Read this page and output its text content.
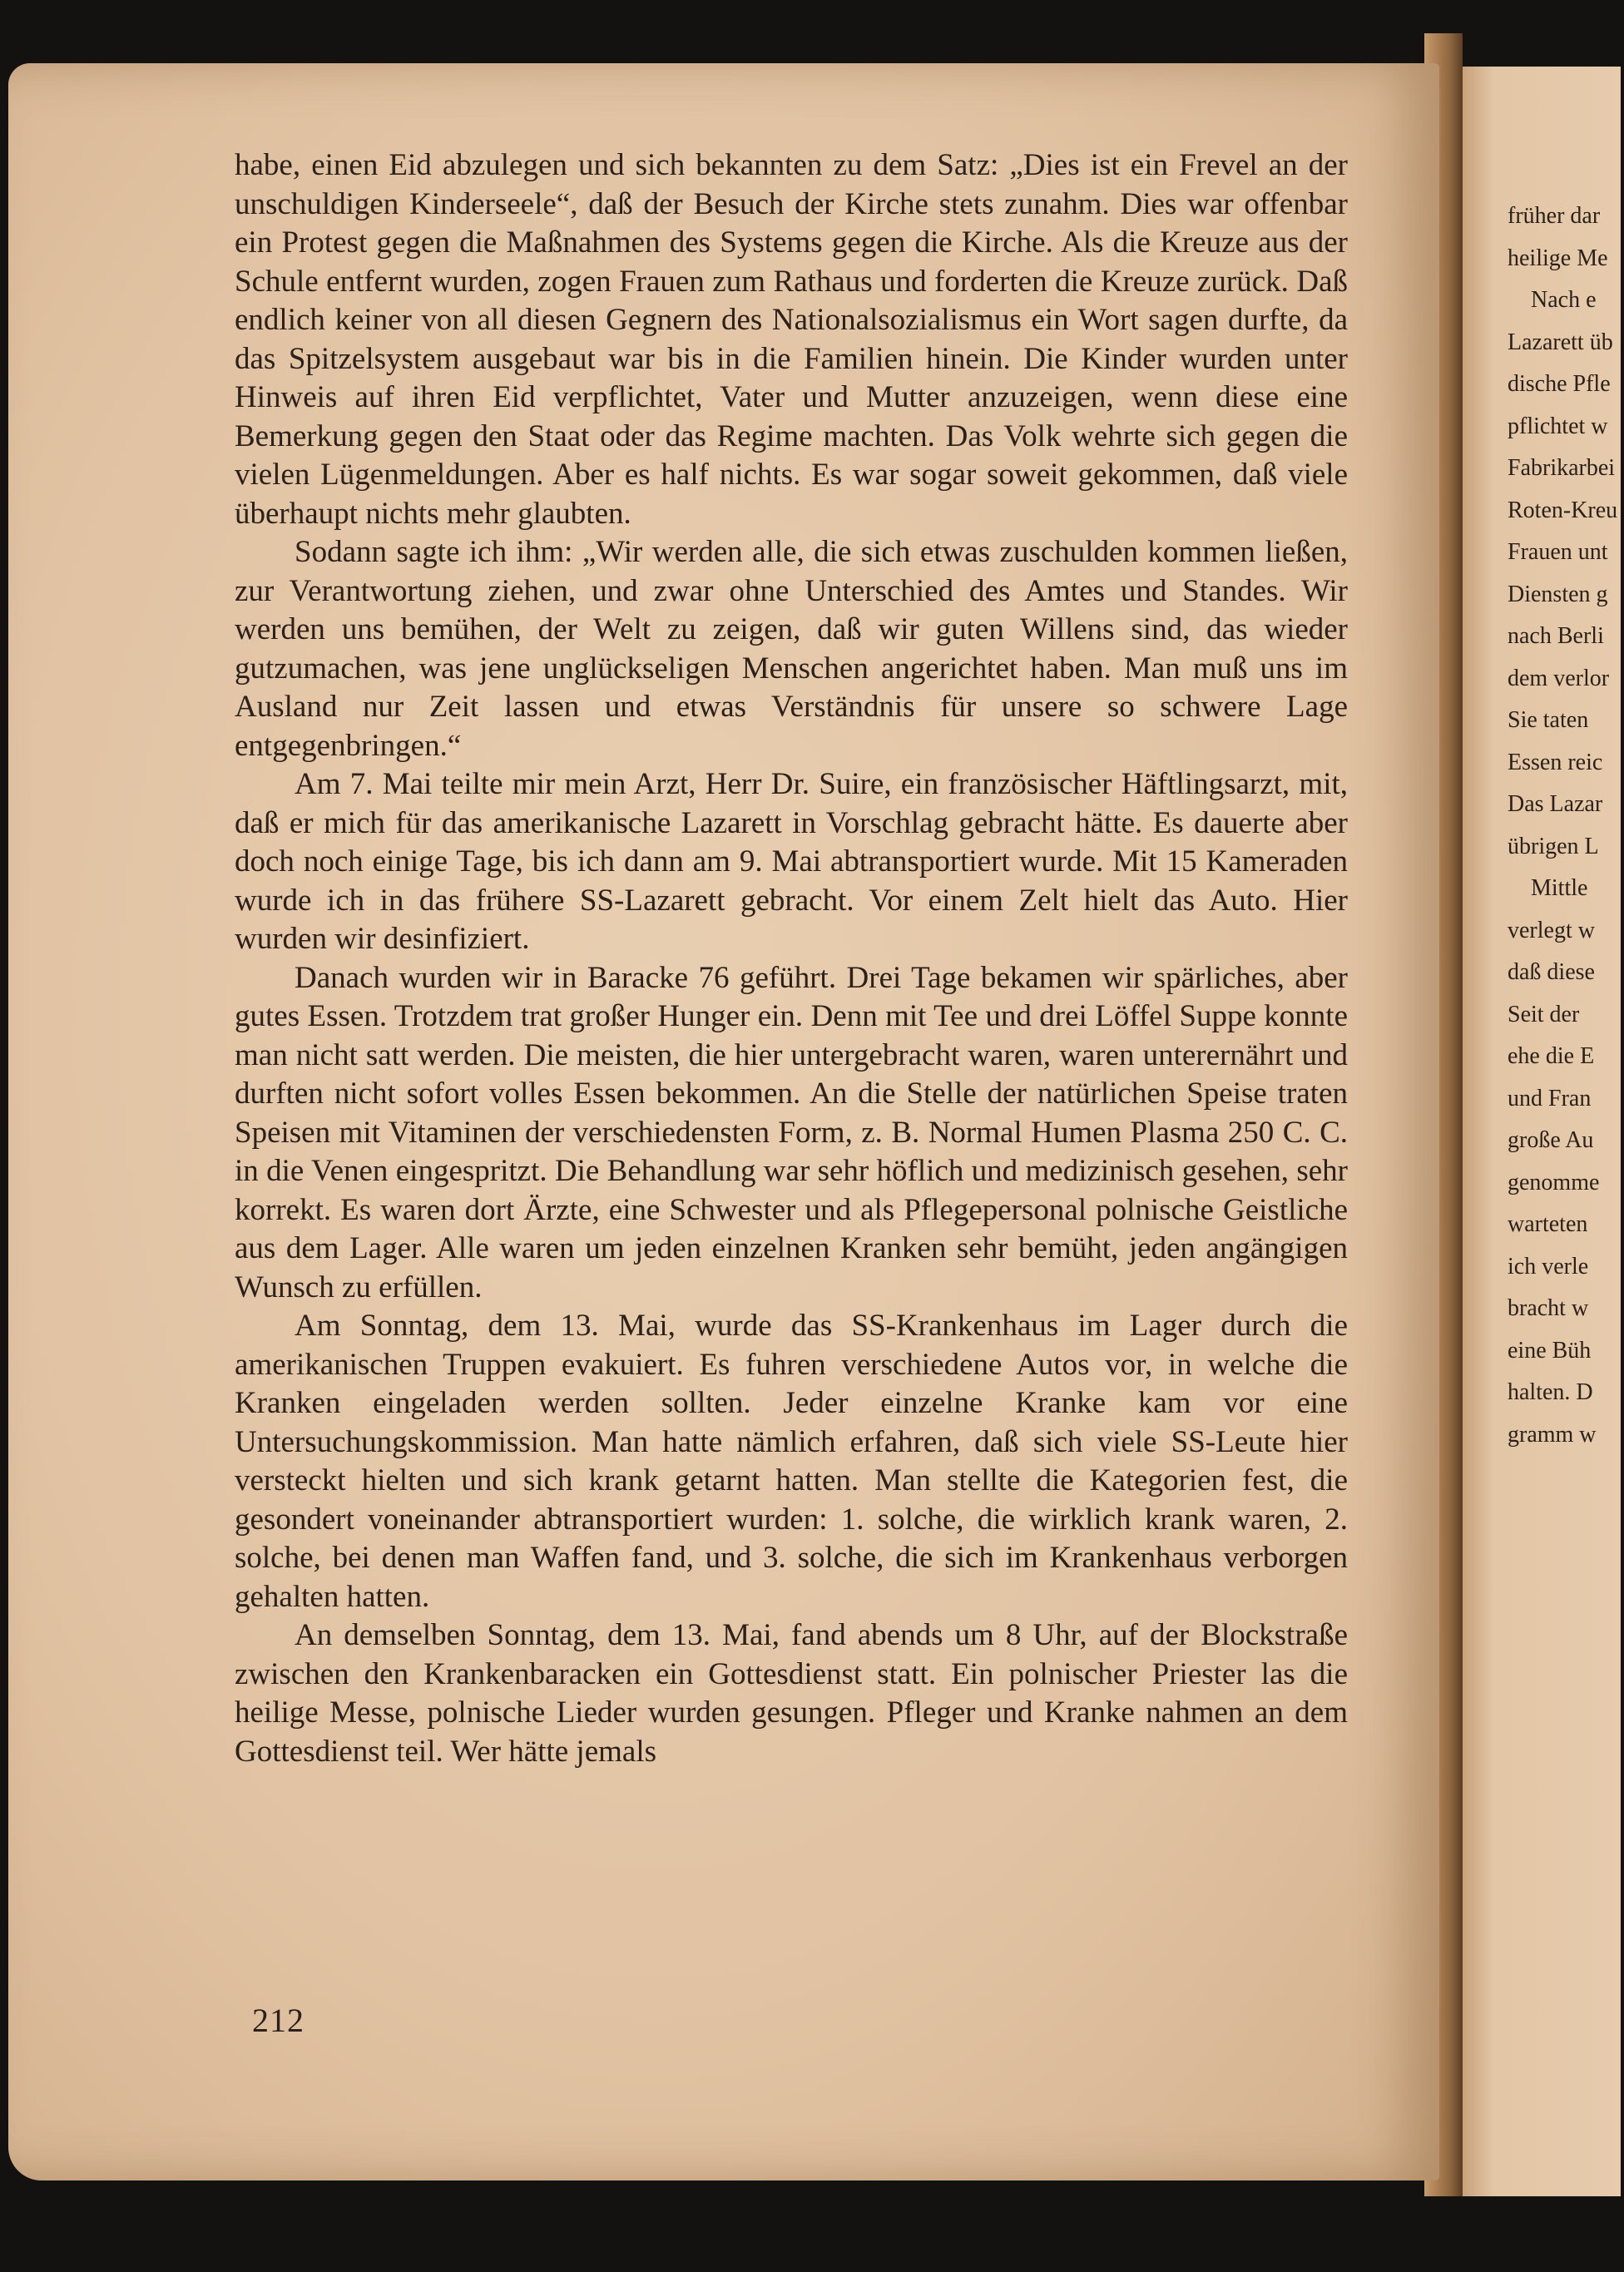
früher dar
heilige Me
Nach e
Lazarett üb
dische Pfle
pflichtet w
Fabrikarbei
Roten-Kreu
Frauen unt
Diensten g
nach Berli
dem verlor
Sie taten
Essen reic
Das Lazar
übrigen L
Mittle
verlegt w
daß diese
Seit der
ehe die E
und Fran
große Au
genomme
warteten
ich verle
bracht w
eine Büh
halten. D
gramm w

habe, einen Eid abzulegen und sich bekannten zu dem Satz: „Dies ist ein Frevel an der unschuldigen Kinderseele“, daß der Besuch der Kirche stets zunahm. Dies war offenbar ein Protest gegen die Maßnahmen des Systems gegen die Kirche. Als die Kreuze aus der Schule entfernt wurden, zogen Frauen zum Rathaus und forderten die Kreuze zurück. Daß endlich keiner von all diesen Gegnern des Nationalsozialismus ein Wort sagen durfte, da das Spitzelsystem ausgebaut war bis in die Familien hinein. Die Kinder wurden unter Hinweis auf ihren Eid verpflichtet, Vater und Mutter anzuzeigen, wenn diese eine Bemerkung gegen den Staat oder das Regime machten. Das Volk wehrte sich gegen die vielen Lügenmeldungen. Aber es half nichts. Es war sogar soweit gekommen, daß viele überhaupt nichts mehr glaubten.

Sodann sagte ich ihm: „Wir werden alle, die sich etwas zuschulden kommen ließen, zur Verantwortung ziehen, und zwar ohne Unterschied des Amtes und Standes. Wir werden uns bemühen, der Welt zu zeigen, daß wir guten Willens sind, das wieder gutzumachen, was jene unglückseligen Menschen angerichtet haben. Man muß uns im Ausland nur Zeit lassen und etwas Verständnis für unsere so schwere Lage entgegenbringen.“

Am 7. Mai teilte mir mein Arzt, Herr Dr. Suire, ein französischer Häftlingsarzt, mit, daß er mich für das amerikanische Lazarett in Vorschlag gebracht hätte. Es dauerte aber doch noch einige Tage, bis ich dann am 9. Mai abtransportiert wurde. Mit 15 Kameraden wurde ich in das frühere SS-Lazarett gebracht. Vor einem Zelt hielt das Auto. Hier wurden wir desinfiziert.

Danach wurden wir in Baracke 76 geführt. Drei Tage bekamen wir spärliches, aber gutes Essen. Trotzdem trat großer Hunger ein. Denn mit Tee und drei Löffel Suppe konnte man nicht satt werden. Die meisten, die hier untergebracht waren, waren unterernährt und durften nicht sofort volles Essen bekommen. An die Stelle der natürlichen Speise traten Speisen mit Vitaminen der verschiedensten Form, z. B. Normal Humen Plasma 250 C. C. in die Venen eingespritzt. Die Behandlung war sehr höflich und medizinisch gesehen, sehr korrekt. Es waren dort Ärzte, eine Schwester und als Pflegepersonal polnische Geistliche aus dem Lager. Alle waren um jeden einzelnen Kranken sehr bemüht, jeden angängigen Wunsch zu erfüllen.

Am Sonntag, dem 13. Mai, wurde das SS-Krankenhaus im Lager durch die amerikanischen Truppen evakuiert. Es fuhren verschiedene Autos vor, in welche die Kranken eingeladen werden sollten. Jeder einzelne Kranke kam vor eine Untersuchungskommission. Man hatte nämlich erfahren, daß sich viele SS-Leute hier versteckt hielten und sich krank getarnt hatten. Man stellte die Kategorien fest, die gesondert voneinander abtransportiert wurden: 1. solche, die wirklich krank waren, 2. solche, bei denen man Waffen fand, und 3. solche, die sich im Krankenhaus verborgen gehalten hatten.

An demselben Sonntag, dem 13. Mai, fand abends um 8 Uhr, auf der Blockstraße zwischen den Krankenbaracken ein Gottesdienst statt. Ein polnischer Priester las die heilige Messe, polnische Lieder wurden gesungen. Pfleger und Kranke nahmen an dem Gottesdienst teil. Wer hätte jemals

212
